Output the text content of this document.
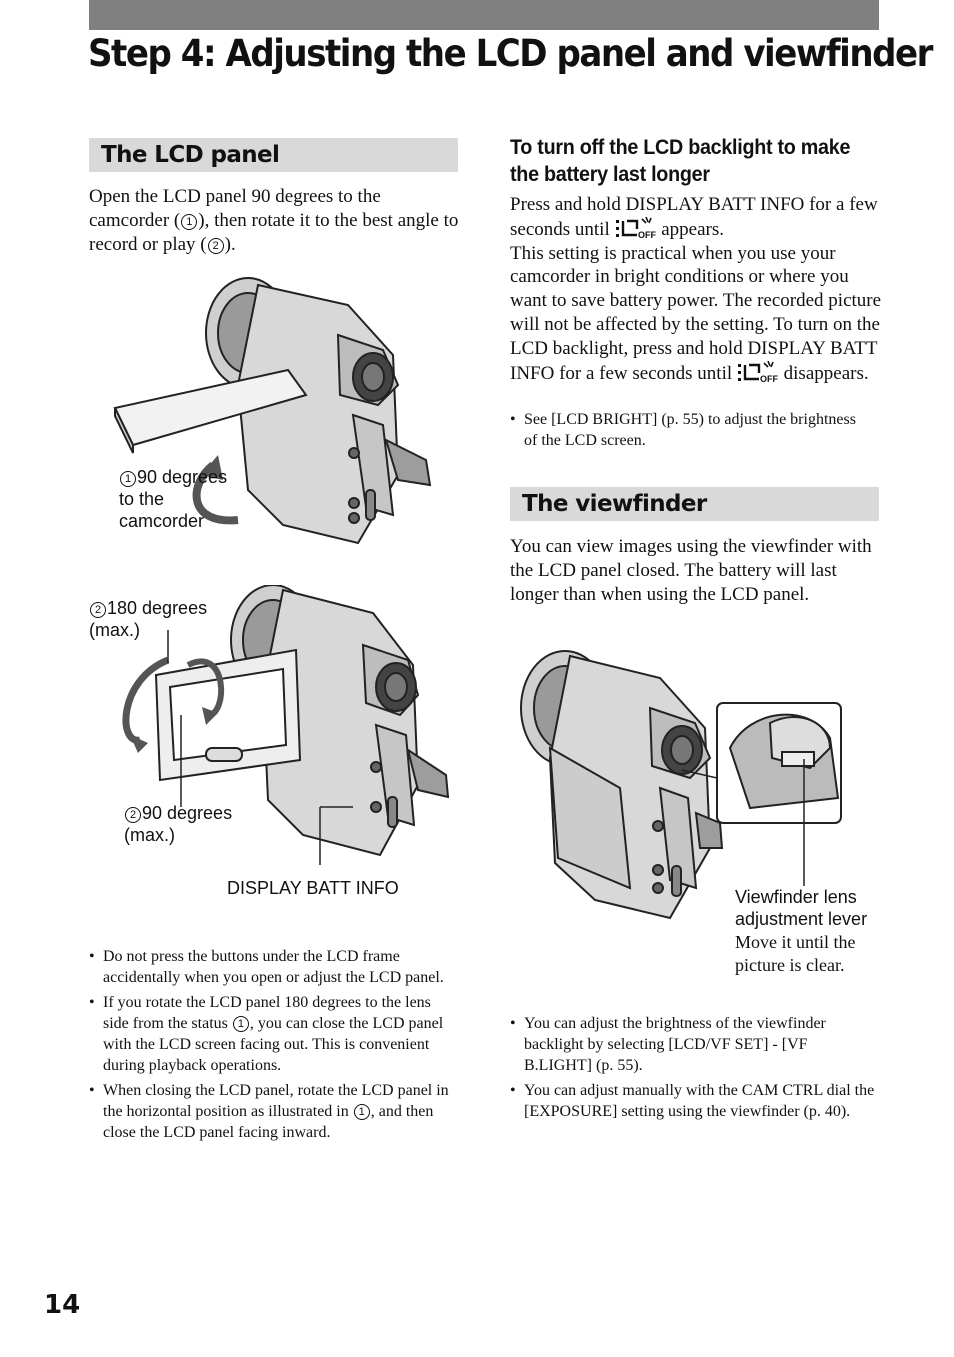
Step 4: Adjusting the LCD panel and viewfinder
The LCD panel

Open the LCD panel 90 degrees to the camcorder ( 1 ), then rotate it to the best angle to record or play ( 2 ).

1 90 degrees to the camcorder
2 180 degrees (max.)
2 90 degrees (max.)
DISPLAY BATT INFO
• Do not press the buttons under the LCD frame accidentally when you open or adjust the LCD panel.
• If you rotate the LCD panel 180 degrees to the lens side from the status 1 , you can close the LCD panel with the LCD screen facing out. This is convenient during playback operations.
• When closing the LCD panel, rotate the LCD panel in the horizontal position as illustrated in 1 , and then close the LCD panel facing inward.
To turn off the LCD backlight to make the battery last longer

Press and hold DISPLAY BATT INFO for a few seconds until	OFF appears.
This setting is practical when you use your camcorder in bright conditions or where you want to save battery power. The recorded picture will not be affected by the setting. To turn on the LCD backlight, press and hold DISPLAY BATT INFO for a few seconds until	OFF disappears.

• See [LCD BRIGHT] (p. 55) to adjust the brightness of the LCD screen.
The viewfinder

You can view images using the viewfinder with the LCD panel closed. The battery will last longer than when using the LCD panel.

Viewfinder lens adjustment lever
Move it until the picture is clear.
• You can adjust the brightness of the viewfinder backlight by selecting [LCD/VF SET] - [VF B.LIGHT] (p. 55).
• You can adjust manually with the CAM CTRL dial the [EXPOSURE] setting using the viewfinder (p. 40).
14
